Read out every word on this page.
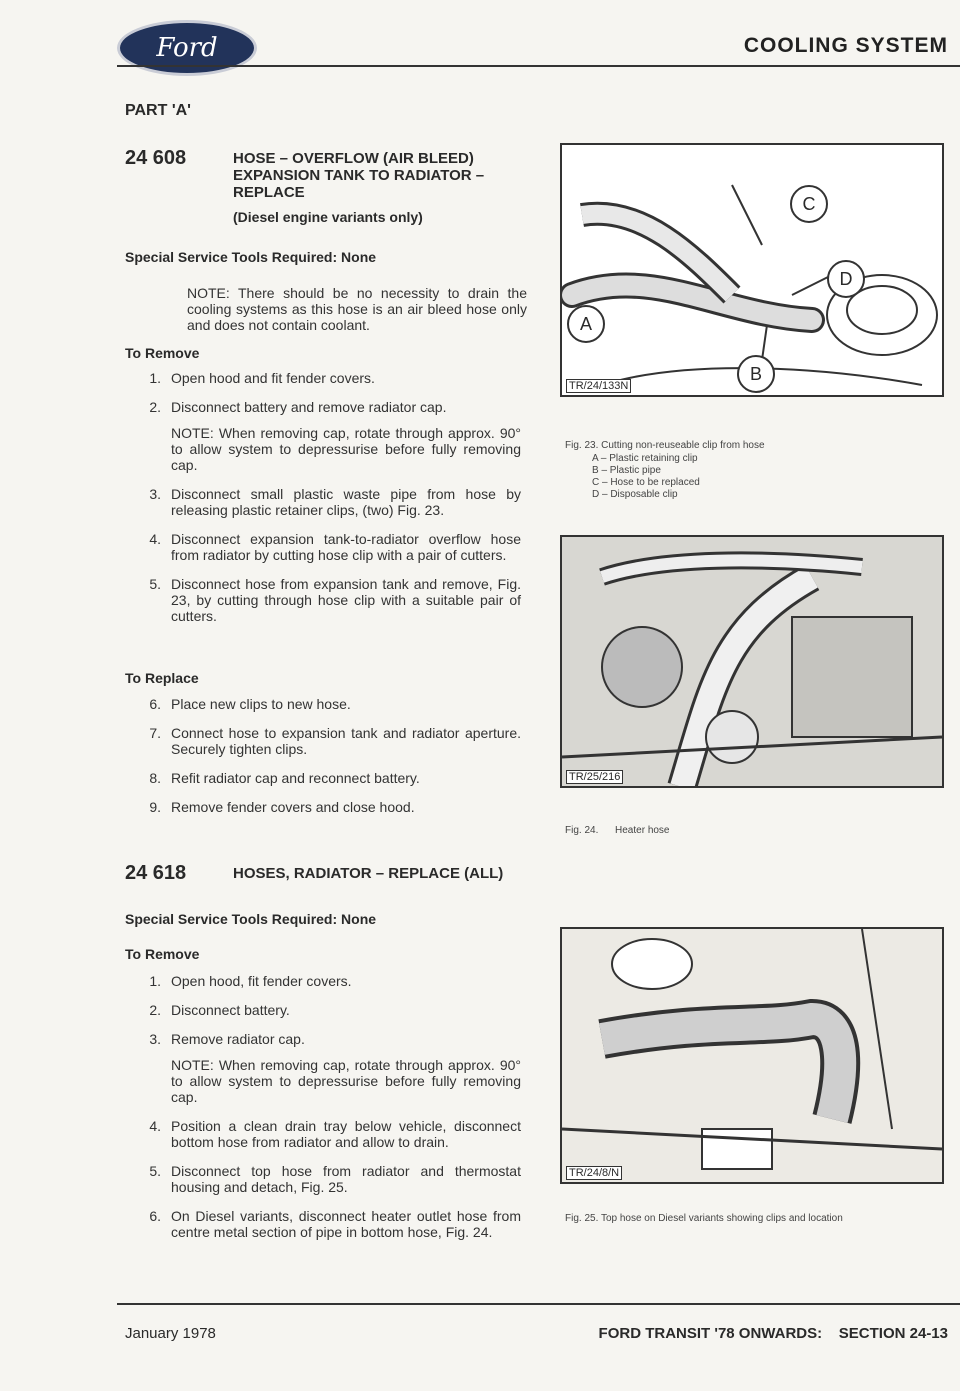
Ford	COOLING SYSTEM
PART 'A'
24 608	HOSE – OVERFLOW (AIR BLEED) EXPANSION TANK TO RADIATOR – REPLACE
(Diesel engine variants only)
Special Service Tools Required: None
NOTE: There should be no necessity to drain the cooling systems as this hose is an air bleed hose only and does not contain coolant.
To Remove
1. Open hood and fit fender covers.
2. Disconnect battery and remove radiator cap.
NOTE: When removing cap, rotate through approx. 90° to allow system to depressurise before fully removing cap.
3. Disconnect small plastic waste pipe from hose by releasing plastic retainer clips, (two) Fig. 23.
4. Disconnect expansion tank-to-radiator overflow hose from radiator by cutting hose clip with a pair of cutters.
5. Disconnect hose from expansion tank and remove, Fig. 23, by cutting through hose clip with a suitable pair of cutters.
To Replace
6. Place new clips to new hose.
7. Connect hose to expansion tank and radiator aperture. Securely tighten clips.
8. Refit radiator cap and reconnect battery.
9. Remove fender covers and close hood.
24 618	HOSES, RADIATOR – REPLACE (ALL)
Special Service Tools Required: None
To Remove
1. Open hood, fit fender covers.
2. Disconnect battery.
3. Remove radiator cap.
NOTE: When removing cap, rotate through approx. 90° to allow system to depressurise before fully removing cap.
4. Position a clean drain tray below vehicle, disconnect bottom hose from radiator and allow to drain.
5. Disconnect top hose from radiator and thermostat housing and detach, Fig. 25.
6. On Diesel variants, disconnect heater outlet hose from centre metal section of pipe in bottom hose, Fig. 24.
C
D
A
B
TR/24/133N
Fig. 23. Cutting non-reuseable clip from hose
A – Plastic retaining clip
B – Plastic pipe
C – Hose to be replaced
D – Disposable clip
TR/25/216
Fig. 24.      Heater hose
TR/24/8/N
Fig. 25. Top hose on Diesel variants showing clips and location
January 1978	FORD TRANSIT '78 ONWARDS:    SECTION 24-13
